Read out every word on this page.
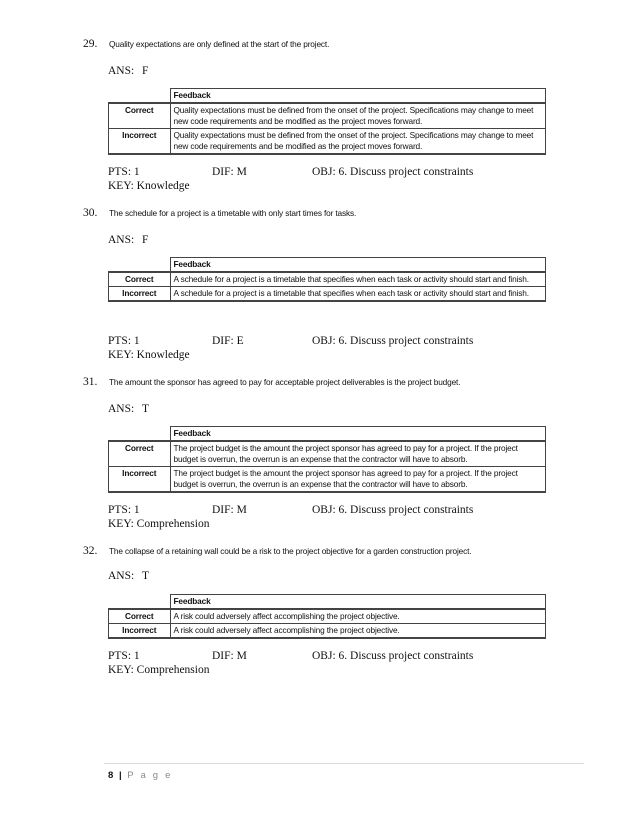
29. Quality expectations are only defined at the start of the project.
ANS: F
	Feedback
Correct	Quality expectations must be defined from the onset of the project. Specifications may change to meet new code requirements and be modified as the project moves forward.
Incorrect	Quality expectations must be defined from the onset of the project. Specifications may change to meet new code requirements and be modified as the project moves forward.
PTS: 1	DIF: M	OBJ: 6. Discuss project constraints
KEY: Knowledge
30. The schedule for a project is a timetable with only start times for tasks.
ANS: F
	Feedback
Correct	A schedule for a project is a timetable that specifies when each task or activity should start and finish.
Incorrect	A schedule for a project is a timetable that specifies when each task or activity should start and finish.
PTS: 1	DIF: E	OBJ: 6. Discuss project constraints
KEY: Knowledge
31. The amount the sponsor has agreed to pay for acceptable project deliverables is the project budget.
ANS: T
	Feedback
Correct	The project budget is the amount the project sponsor has agreed to pay for a project. If the project budget is overrun, the overrun is an expense that the contractor will have to absorb.
Incorrect	The project budget is the amount the project sponsor has agreed to pay for a project. If the project budget is overrun, the overrun is an expense that the contractor will have to absorb.
PTS: 1	DIF: M	OBJ: 6. Discuss project constraints
KEY: Comprehension
32. The collapse of a retaining wall could be a risk to the project objective for a garden construction project.
ANS: T
	Feedback
Correct	A risk could adversely affect accomplishing the project objective.
Incorrect	A risk could adversely affect accomplishing the project objective.
PTS: 1	DIF: M	OBJ: 6. Discuss project constraints
KEY: Comprehension
8 | P a g e
